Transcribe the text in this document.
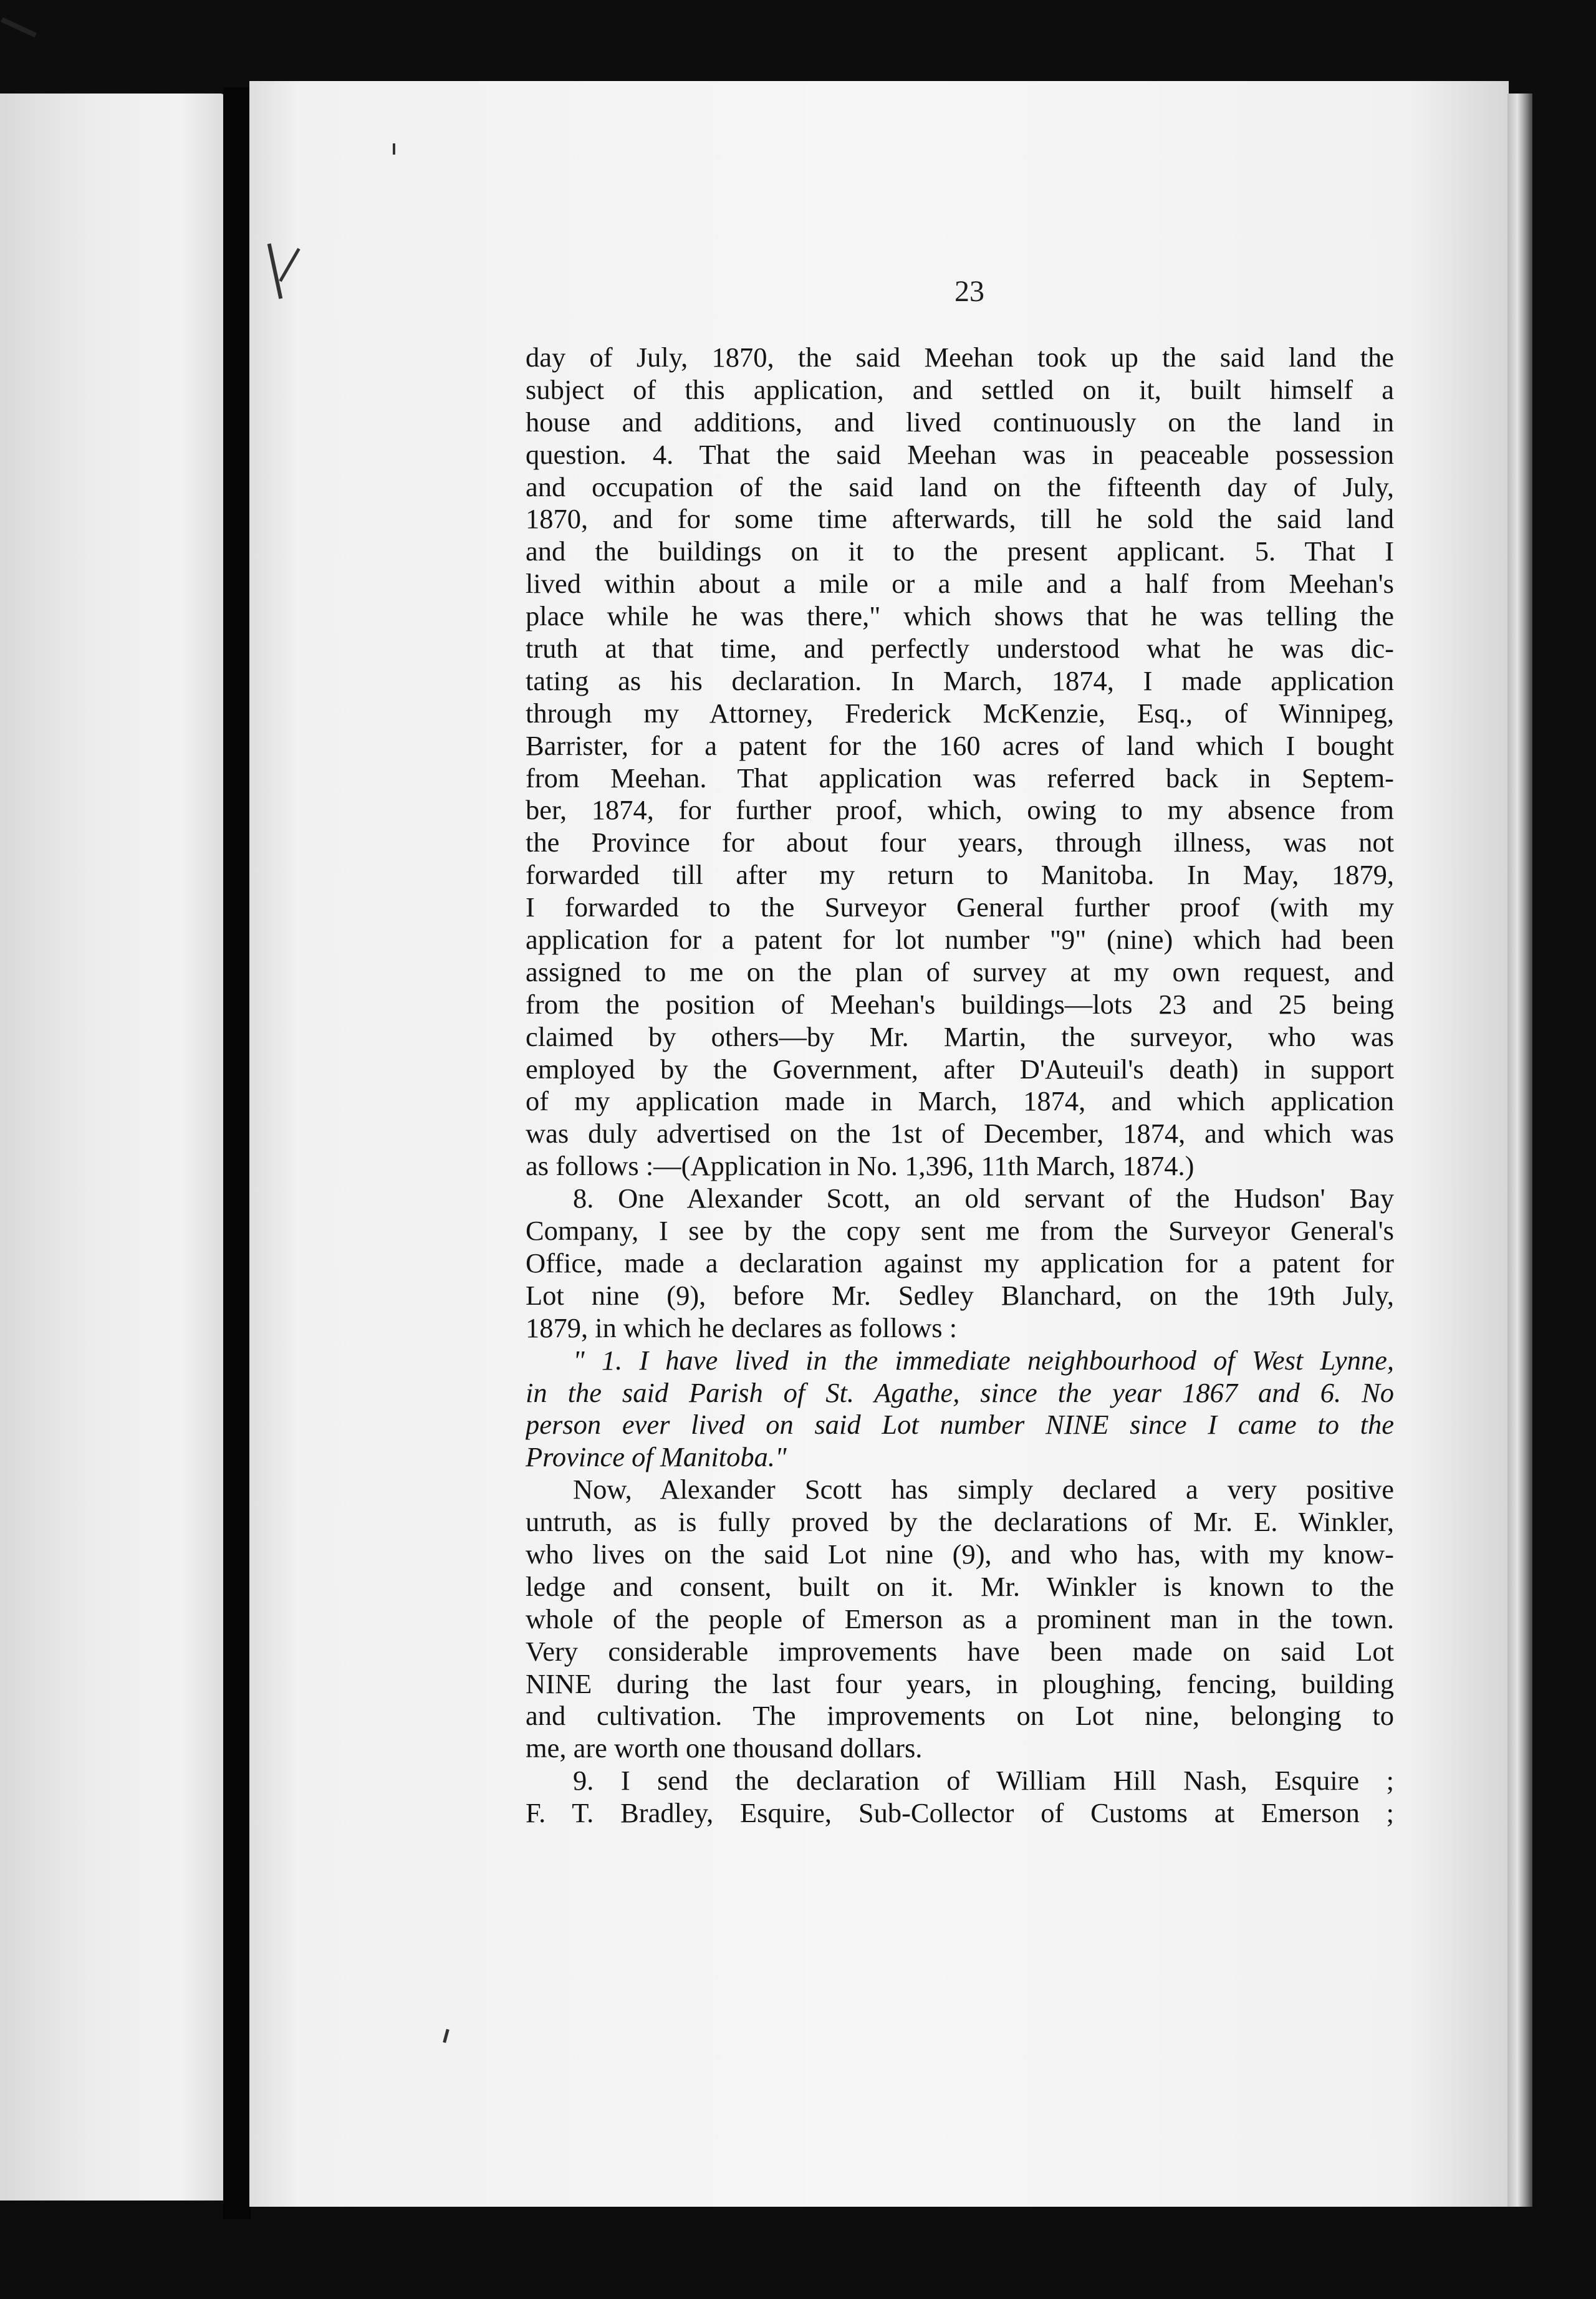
23
day of July, 1870, the said Meehan took up the said land the
subject of this application, and settled on it, built himself a
house and additions, and lived continuously on the land in
question. 4. That the said Meehan was in peaceable possession
and occupation of the said land on the fifteenth day of July,
1870, and for some time afterwards, till he sold the said land
and the buildings on it to the present applicant. 5. That I
lived within about a mile or a mile and a half from Meehan's
place while he was there," which shows that he was telling the
truth at that time, and perfectly understood what he was dic-
tating as his declaration. In March, 1874, I made application
through my Attorney, Frederick McKenzie, Esq., of Winnipeg,
Barrister, for a patent for the 160 acres of land which I bought
from Meehan. That application was referred back in Septem-
ber, 1874, for further proof, which, owing to my absence from
the Province for about four years, through illness, was not
forwarded till after my return to Manitoba. In May, 1879,
I forwarded to the Surveyor General further proof (with my
application for a patent for lot number "9" (nine) which had been
assigned to me on the plan of survey at my own request, and
from the position of Meehan's buildings—lots 23 and 25 being
claimed by others—by Mr. Martin, the surveyor, who was
employed by the Government, after D'Auteuil's death) in support
of my application made in March, 1874, and which application
was duly advertised on the 1st of December, 1874, and which was
as follows :—(Application in No. 1,396, 11th March, 1874.)
8. One Alexander Scott, an old servant of the Hudson' Bay
Company, I see by the copy sent me from the Surveyor General's
Office, made a declaration against my application for a patent for
Lot nine (9), before Mr. Sedley Blanchard, on the 19th July,
1879, in which he declares as follows :
" 1. I have lived in the immediate neighbourhood of West Lynne,
in the said Parish of St. Agathe, since the year 1867 and 6. No
person ever lived on said Lot number NINE since I came to the
Province of Manitoba."
Now, Alexander Scott has simply declared a very positive
untruth, as is fully proved by the declarations of Mr. E. Winkler,
who lives on the said Lot nine (9), and who has, with my know-
ledge and consent, built on it. Mr. Winkler is known to the
whole of the people of Emerson as a prominent man in the town.
Very considerable improvements have been made on said Lot
NINE during the last four years, in ploughing, fencing, building
and cultivation. The improvements on Lot nine, belonging to
me, are worth one thousand dollars.
9. I send the declaration of William Hill Nash, Esquire ;
F. T. Bradley, Esquire, Sub-Collector of Customs at Emerson ;
